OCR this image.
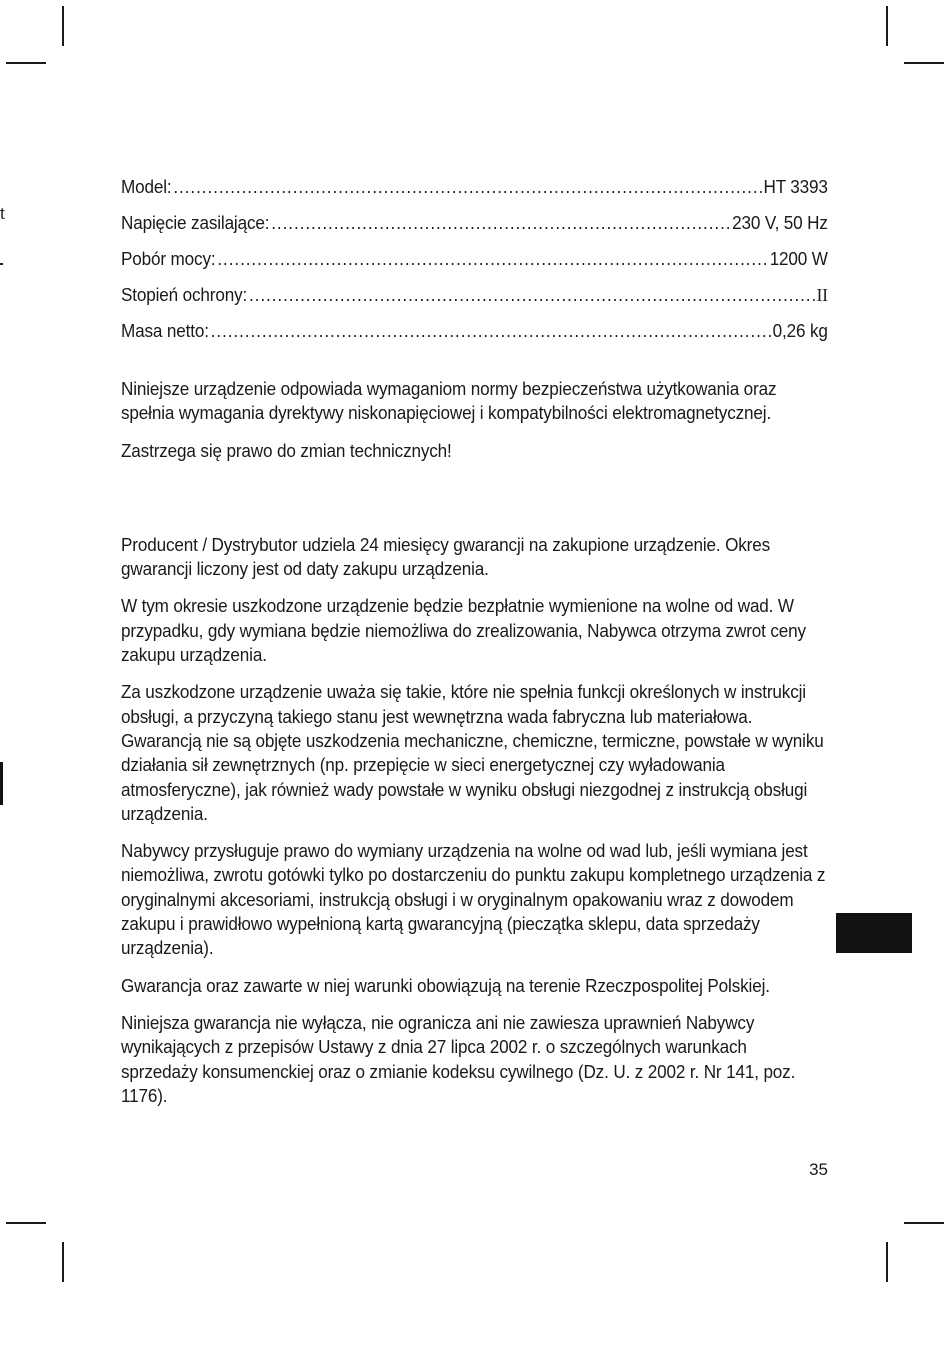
t
Model: .....	HT 3393
Napięcie zasilające: .....	230 V, 50 Hz
Pobór mocy: .....	1200 W
Stopień ochrony: .....	II
Masa netto: .....	0,26 kg

Niniejsze urządzenie odpowiada wymaganiom normy bezpieczeństwa użytkowania oraz spełnia wymagania dyrektywy niskonapięciowej i kompatybilności elektromagnetycznej.

Zastrzega się prawo do zmian technicznych!

Producent / Dystrybutor udziela 24 miesięcy gwarancji na zakupione urządzenie. Okres gwarancji liczony jest od daty zakupu urządzenia.

W tym okresie uszkodzone urządzenie będzie bezpłatnie wymienione na wolne od wad. W przypadku, gdy wymiana będzie niemożliwa do zrealizowania, Nabywca otrzyma zwrot ceny zakupu urządzenia.

Za uszkodzone urządzenie uważa się takie, które nie spełnia funkcji określonych w instrukcji obsługi, a przyczyną takiego stanu jest wewnętrzna wada fabryczna lub materiałowa. Gwarancją nie są objęte uszkodzenia mechaniczne, chemiczne, termiczne, powstałe w wyniku działania sił zewnętrznych (np. przepięcie w sieci energetycznej czy wyładowania atmosferyczne), jak również wady powstałe w wyniku obsługi niezgodnej z instrukcją obsługi urządzenia.

Nabywcy przysługuje prawo do wymiany urządzenia na wolne od wad lub, jeśli wymiana jest niemożliwa, zwrotu gotówki tylko po dostarczeniu do punktu zakupu kompletnego urządzenia z oryginalnymi akcesoriami, instrukcją obsługi i w oryginalnym opakowaniu wraz z dowodem zakupu i prawidłowo wypełnioną kartą gwarancyjną (pieczątka sklepu, data sprzedaży urządzenia).

Gwarancja oraz zawarte w niej warunki obowiązują na terenie Rzeczpospolitej Polskiej.

Niniejsza gwarancja nie wyłącza, nie ogranicza ani nie zawiesza uprawnień Nabywcy wynikających z przepisów Ustawy z dnia 27 lipca 2002 r. o szczególnych warunkach sprzedaży konsumenckiej oraz o zmianie kodeksu cywilnego (Dz. U. z 2002 r. Nr 141, poz. 1176).

35
